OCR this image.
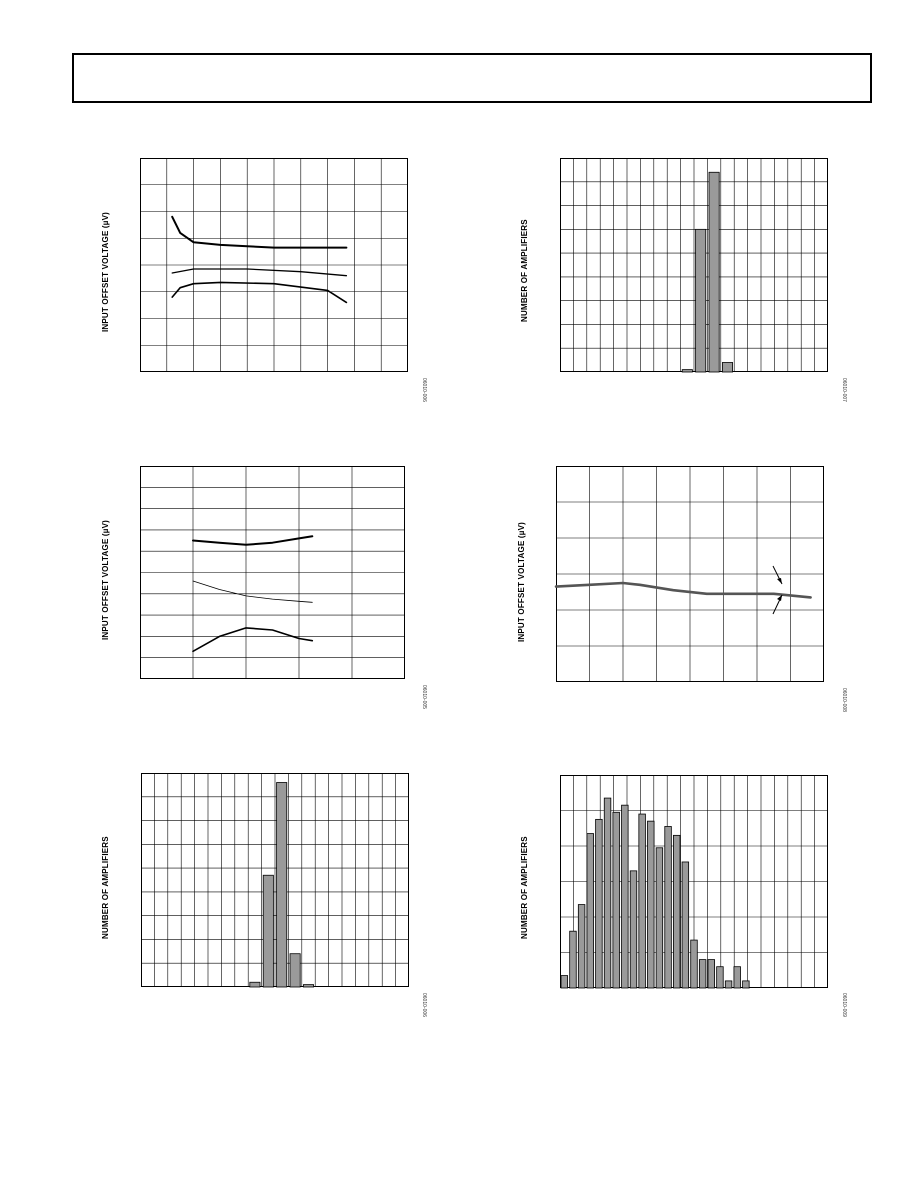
INPUT OFFSET VOLTAGE (µV)
06010-006
NUMBER OF AMPLIFIERS
06010-007
INPUT OFFSET VOLTAGE (µV)
06010-005
INPUT OFFSET VOLTAGE (µV)
06010-008
NUMBER OF AMPLIFIERS
06010-006
NUMBER OF AMPLIFIERS
06010-009
